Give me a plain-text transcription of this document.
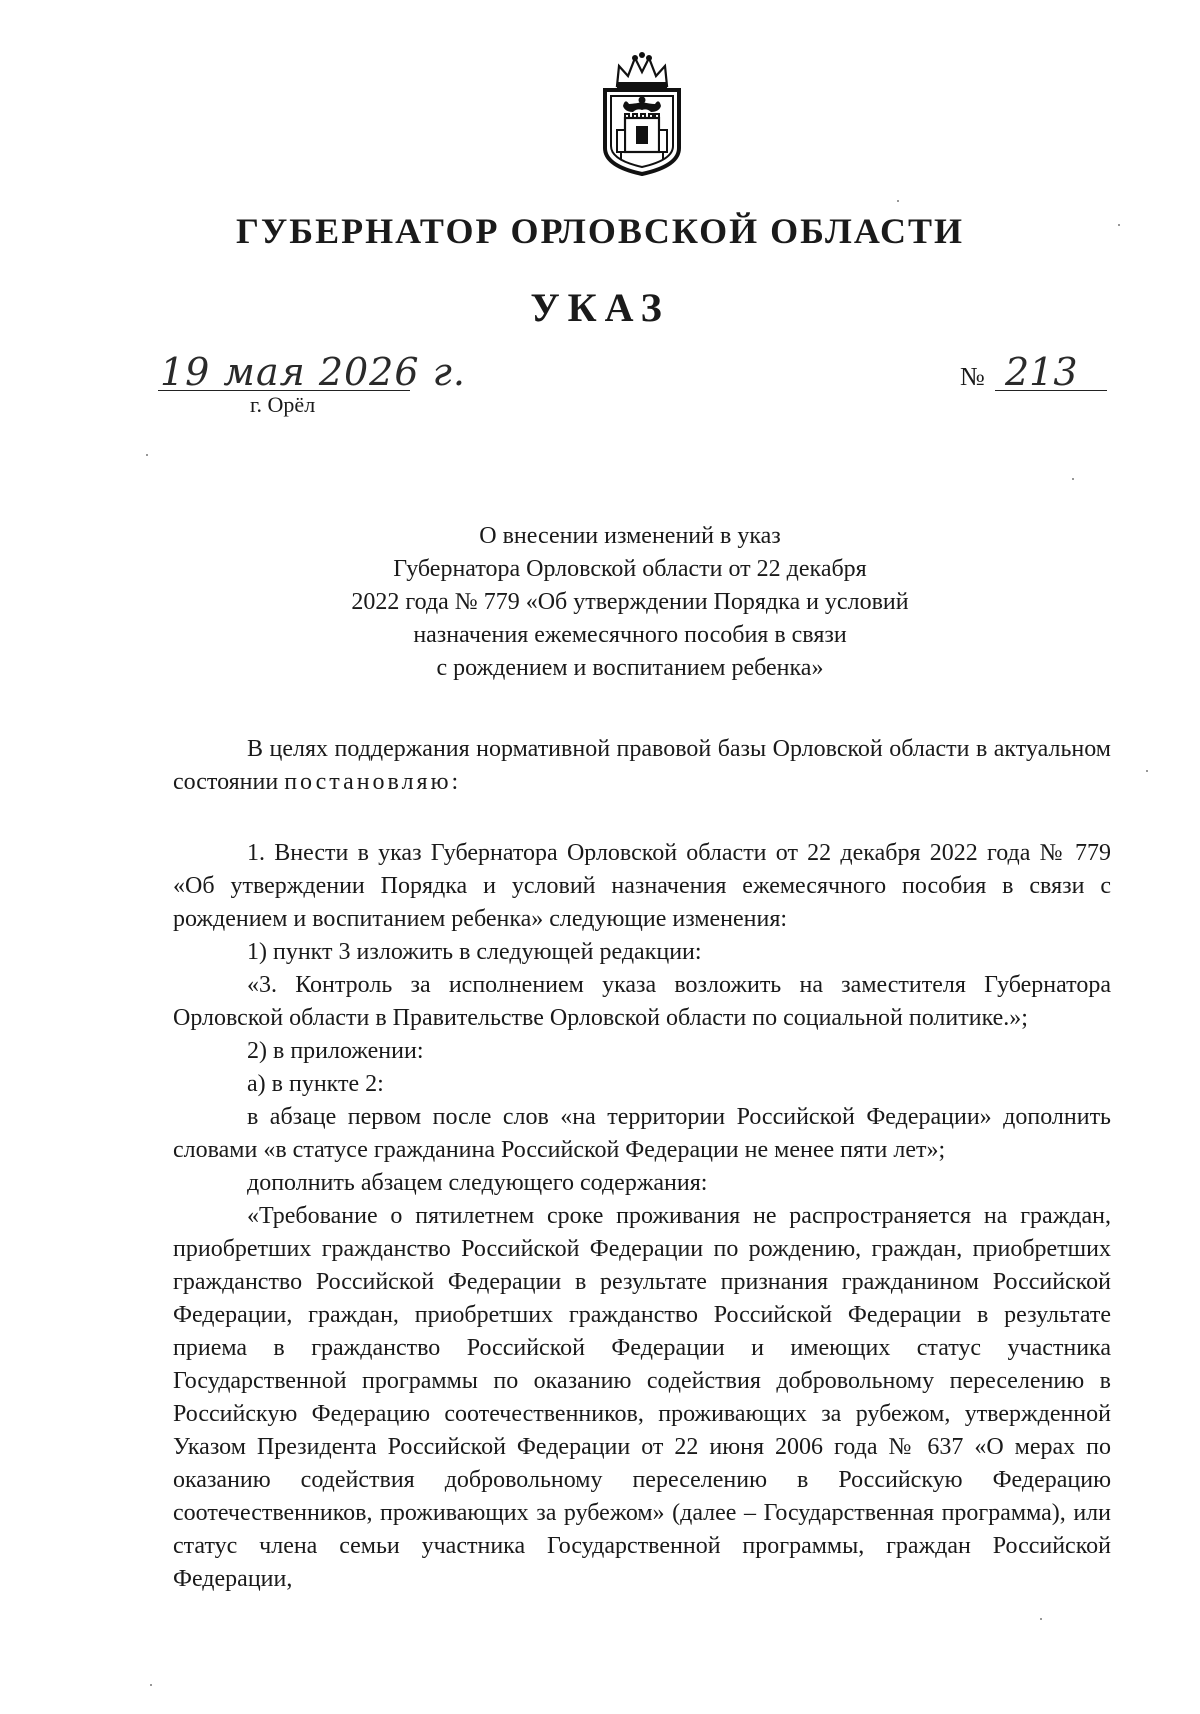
ГУБЕРНАТОР ОРЛОВСКОЙ ОБЛАСТИ
УКАЗ
19 мая 2026 г.
г. Орёл
№ 213
О внесении изменений в указ
Губернатора Орловской области от 22 декабря
2022 года № 779 «Об утверждении Порядка и условий
назначения ежемесячного пособия в связи
с рождением и воспитанием ребенка»

В целях поддержания нормативной правовой базы Орловской области в актуальном состоянии постановляю:

1. Внести в указ Губернатора Орловской области от 22 декабря 2022 года № 779 «Об утверждении Порядка и условий назначения ежемесячного пособия в связи с рождением и воспитанием ребенка» следующие изменения:

1) пункт 3 изложить в следующей редакции:

«3. Контроль за исполнением указа возложить на заместителя Губернатора Орловской области в Правительстве Орловской области по социальной политике.»;

2) в приложении:

а) в пункте 2:

в абзаце первом после слов «на территории Российской Федерации» дополнить словами «в статусе гражданина Российской Федерации не менее пяти лет»;

дополнить абзацем следующего содержания:

«Требование о пятилетнем сроке проживания не распространяется на граждан, приобретших гражданство Российской Федерации по рождению, граждан, приобретших гражданство Российской Федерации в результате признания гражданином Российской Федерации, граждан, приобретших гражданство Российской Федерации в результате приема в гражданство Российской Федерации и имеющих статус участника Государственной программы по оказанию содействия добровольному переселению в Российскую Федерацию соотечественников, проживающих за рубежом, утвержденной Указом Президента Российской Федерации от 22 июня 2006 года № 637 «О мерах по оказанию содействия добровольному переселению в Российскую Федерацию соотечественников, проживающих за рубежом» (далее – Государственная программа), или статус члена семьи участника Государственной программы, граждан Российской Федерации,
